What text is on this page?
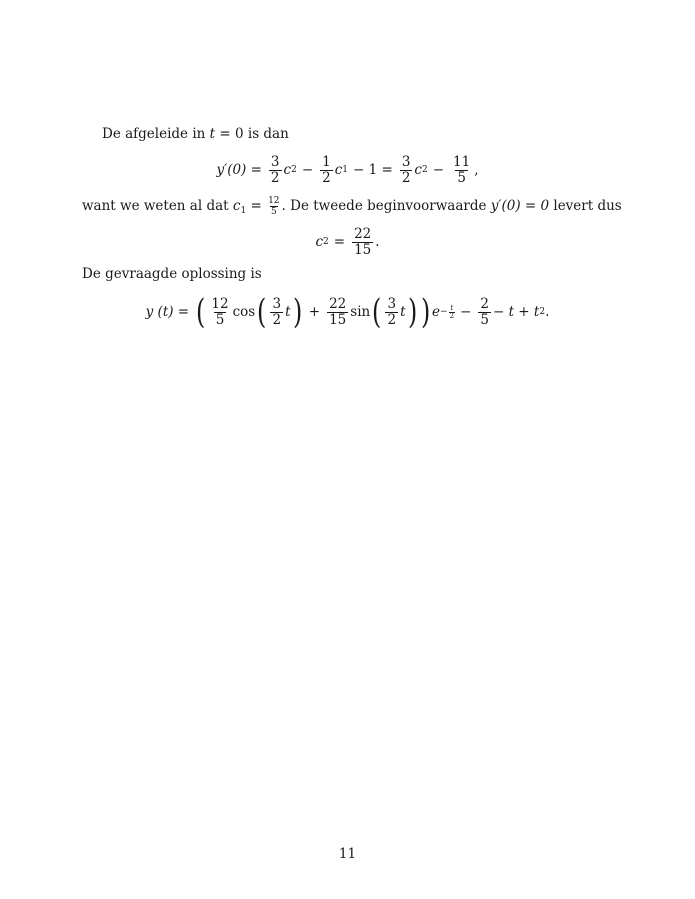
De afgeleide in t = 0 is dan
$y'(0) = \frac{3}{2}$ c $2 - \frac{1}{2}$ c $1 - 1 = \frac{3}{2}$ c $2 - \frac{11}{5}$ ,
want we weten al dat $c_1 = \frac{12}{5}$ . De tweede beginvoorwaarde y′(0) = 0 levert dus
c $2 = \frac{22}{15}$ .
De gevraagde oplossing is
y (t) = ( $\frac{12}{5}$ cos ( $\frac{3}{2}$ t ) + $\frac{22}{15}$ sin ( $\frac{3}{2}$ t ) ) $e - \frac{t}{2} - \frac{2}{5} - t + t$ 2 .
11
